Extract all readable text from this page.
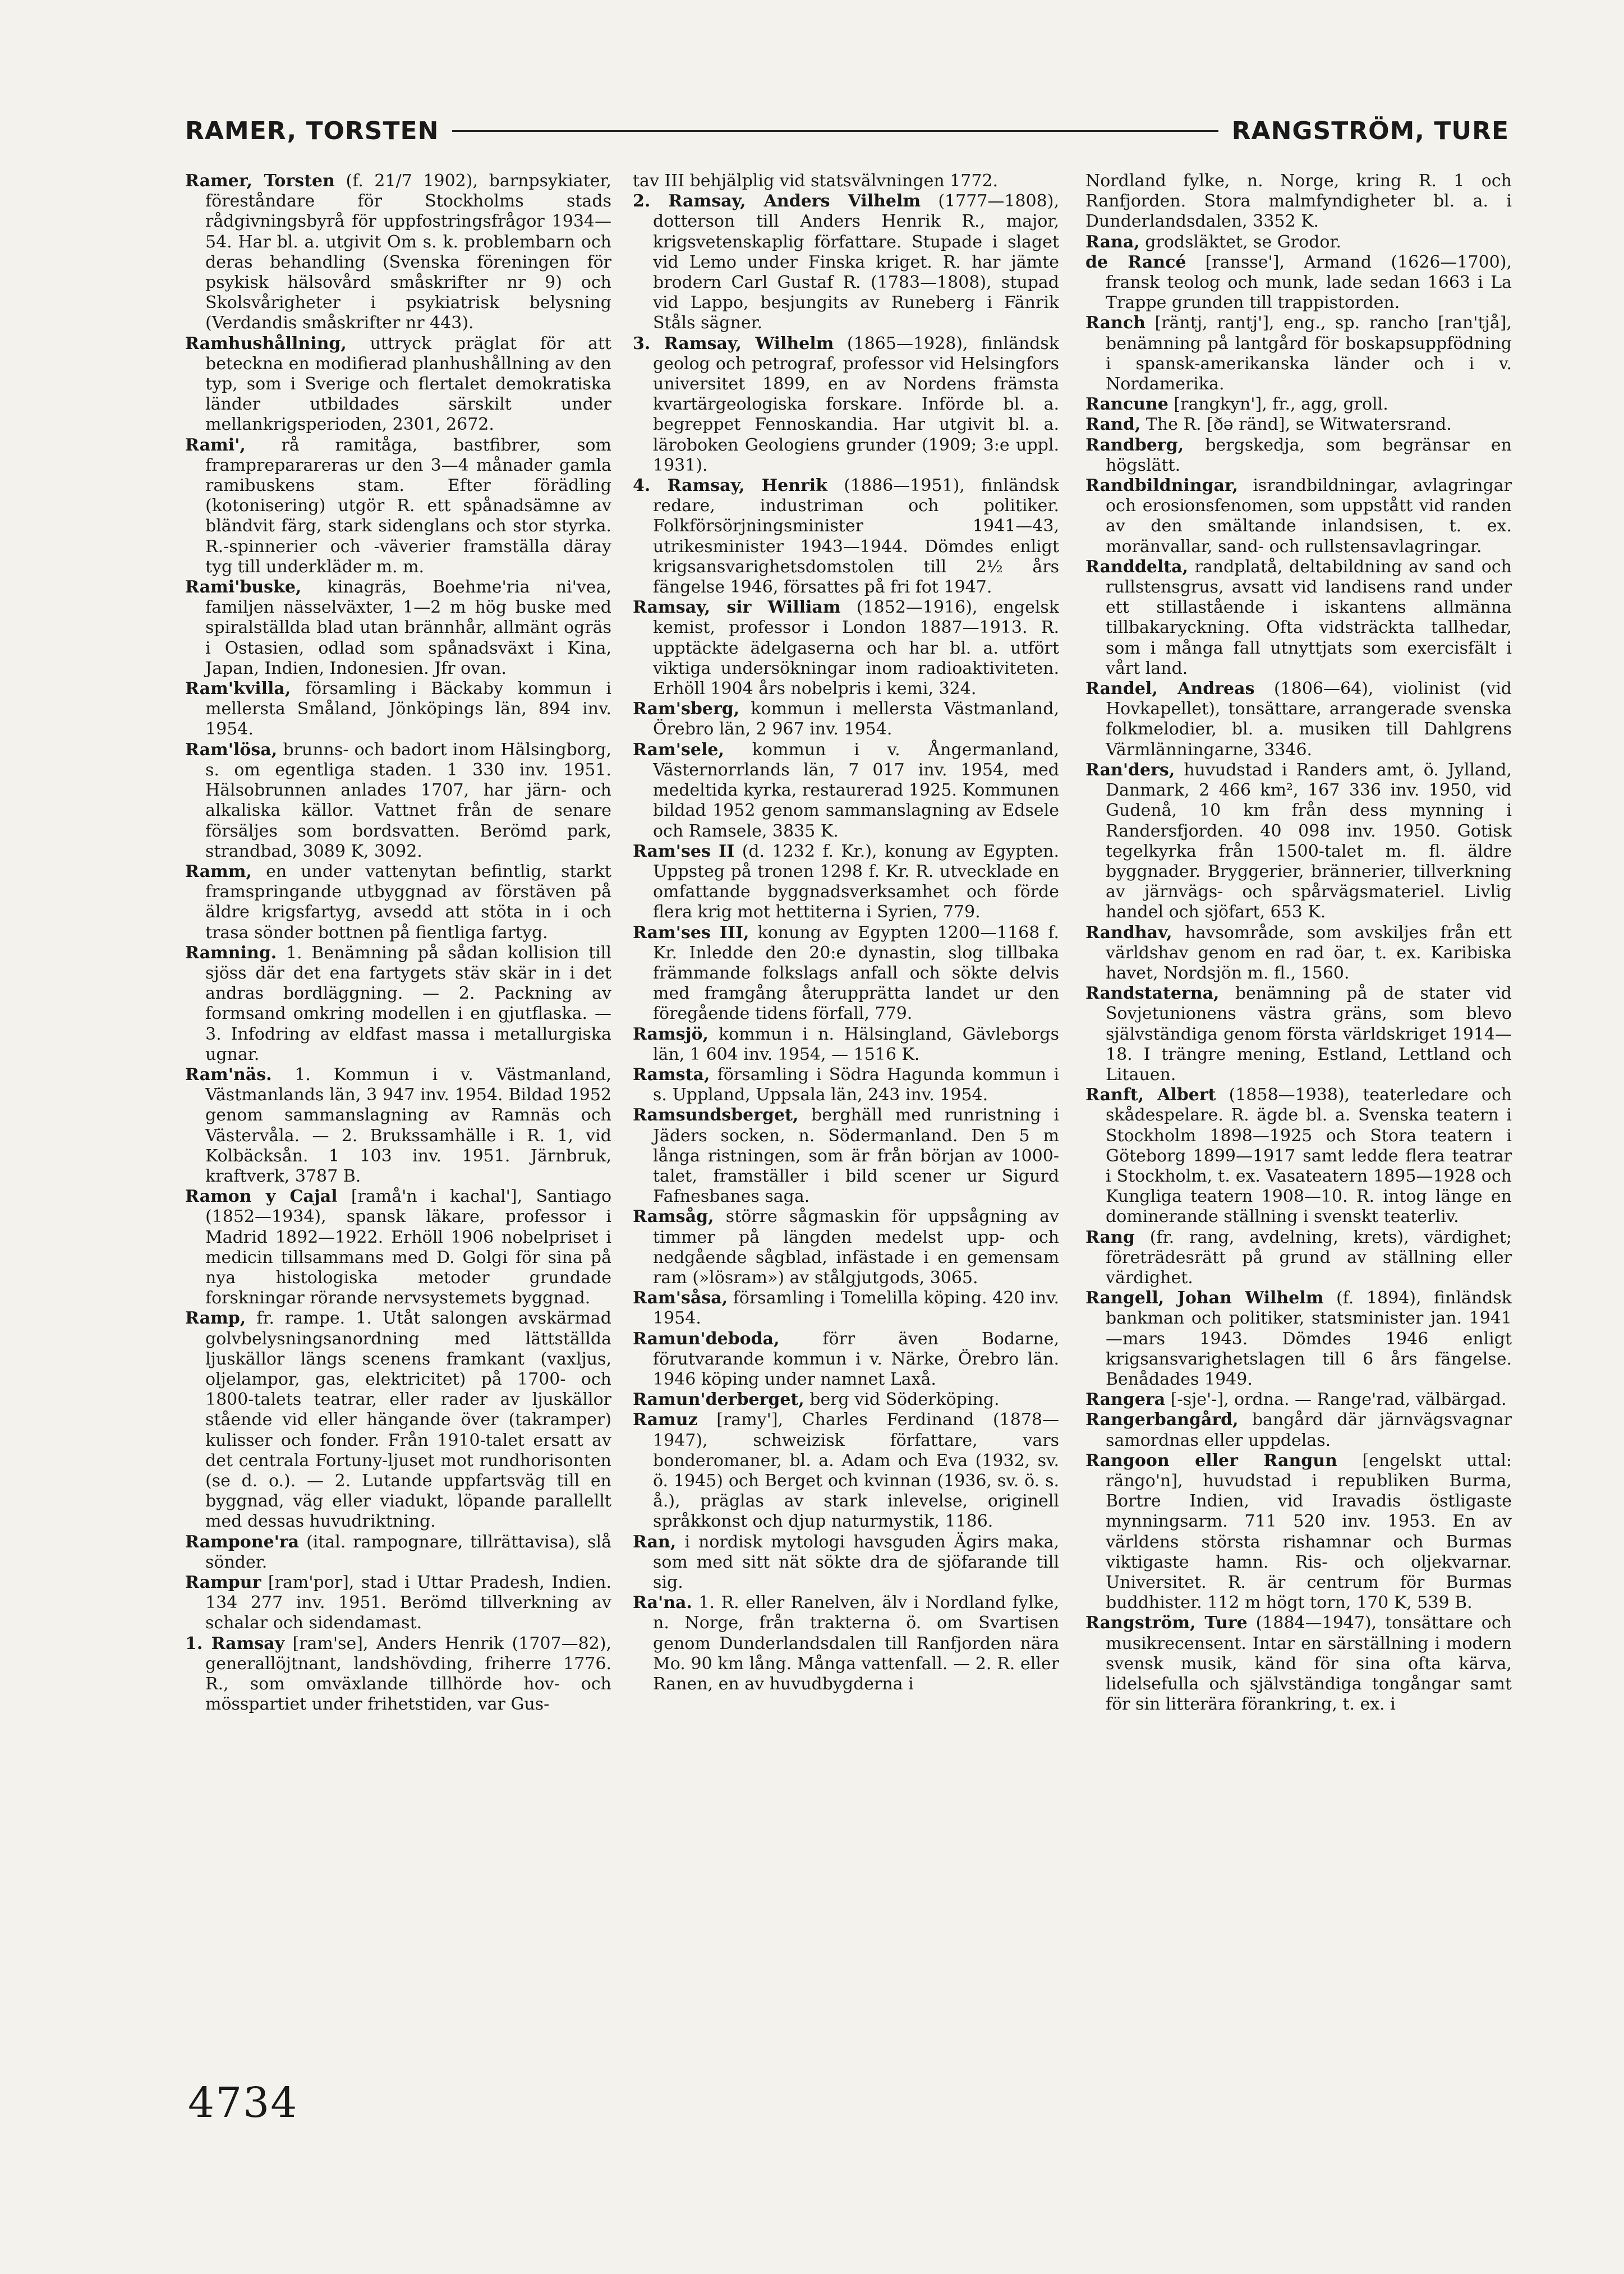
RAMER, TORSTEN	RANGSTRÖM, TURE

Ramer, Torsten (f. 21/7 1902), barnpsykiater, föreståndare för Stockholms stads rådgivningsbyrå för uppfostringsfrågor 1934—54. Har bl. a. utgivit Om s. k. problembarn och deras behandling (Svenska föreningen för psykisk hälsovård småskrifter nr 9) och Skolsvårigheter i psykiatrisk belysning (Verdandis småskrifter nr 443).

Ramhushållning, uttryck präglat för att beteckna en modifierad planhushållning av den typ, som i Sverige och flertalet demokratiska länder utbildades särskilt under mellankrigsperioden, 2301, 2672.

Rami', rå ramitåga, bastfibrer, som frampreparareras ur den 3—4 månader gamla ramibuskens stam. Efter förädling (kotonisering) utgör R. ett spånadsämne av bländvit färg, stark sidenglans och stor styrka. R.-spinnerier och -väverier framställa däray tyg till underkläder m. m.

Rami'buske, kinagräs, Boehme'ria ni'vea, familjen nässelväxter, 1—2 m hög buske med spiralställda blad utan brännhår, allmänt ogräs i Ostasien, odlad som spånadsväxt i Kina, Japan, Indien, Indonesien. Jfr ovan.

Ram'kvilla, församling i Bäckaby kommun i mellersta Småland, Jönköpings län, 894 inv. 1954.

Ram'lösa, brunns- och badort inom Hälsingborg, s. om egentliga staden. 1 330 inv. 1951. Hälsobrunnen anlades 1707, har järn- och alkaliska källor. Vattnet från de senare försäljes som bordsvatten. Berömd park, strandbad, 3089 K, 3092.

Ramm, en under vattenytan befintlig, starkt framspringande utbyggnad av förstäven på äldre krigsfartyg, avsedd att stöta in i och trasa sönder bottnen på fientliga fartyg.

Ramning. 1. Benämning på sådan kollision till sjöss där det ena fartygets stäv skär in i det andras bordläggning. — 2. Packning av formsand omkring modellen i en gjutflaska. — 3. Infodring av eldfast massa i metallurgiska ugnar.

Ram'näs. 1. Kommun i v. Västmanland, Västmanlands län, 3 947 inv. 1954. Bildad 1952 genom sammanslagning av Ramnäs och Västervåla. — 2. Brukssamhälle i R. 1, vid Kolbäcksån. 1 103 inv. 1951. Järnbruk, kraftverk, 3787 B.

Ramon y Cajal [ramå'n i kachal'], Santiago (1852—1934), spansk läkare, professor i Madrid 1892—1922. Erhöll 1906 nobelpriset i medicin tillsammans med D. Golgi för sina på nya histologiska metoder grundade forskningar rörande nervsystemets byggnad.

Ramp, fr. rampe. 1. Utåt salongen avskärmad golvbelysningsanordning med lättställda ljuskällor längs scenens framkant (vaxljus, oljelampor, gas, elektricitet) på 1700- och 1800-talets teatrar, eller rader av ljuskällor stående vid eller hängande över (takramper) kulisser och fonder. Från 1910-talet ersatt av det centrala Fortuny-ljuset mot rundhorisonten (se d. o.). — 2. Lutande uppfartsväg till en byggnad, väg eller viadukt, löpande parallellt med dessas huvudriktning.

Rampone'ra (ital. rampognare, tillrättavisa), slå sönder.

Rampur [ram'por], stad i Uttar Pradesh, Indien. 134 277 inv. 1951. Berömd tillverkning av schalar och sidendamast.

1. Ramsay [ram'se], Anders Henrik (1707—82), generallöjtnant, landshövding, friherre 1776. R., som omväxlande tillhörde hov- och mösspartiet under frihetstiden, var Gus-

tav III behjälplig vid statsvälvningen 1772.

2. Ramsay, Anders Vilhelm (1777—1808), dotterson till Anders Henrik R., major, krigsvetenskaplig författare. Stupade i slaget vid Lemo under Finska kriget. R. har jämte brodern Carl Gustaf R. (1783—1808), stupad vid Lappo, besjungits av Runeberg i Fänrik Ståls sägner.

3. Ramsay, Wilhelm (1865—1928), finländsk geolog och petrograf, professor vid Helsingfors universitet 1899, en av Nordens främsta kvartärgeologiska forskare. Införde bl. a. begreppet Fennoskandia. Har utgivit bl. a. läroboken Geologiens grunder (1909; 3:e uppl. 1931).

4. Ramsay, Henrik (1886—1951), finländsk redare, industriman och politiker. Folkförsörjningsminister 1941—43, utrikesminister 1943—1944. Dömdes enligt krigsansvarighetsdomstolen till 2½ års fängelse 1946, försattes på fri fot 1947.

Ramsay, sir William (1852—1916), engelsk kemist, professor i London 1887—1913. R. upptäckte ädelgaserna och har bl. a. utfört viktiga undersökningar inom radioaktiviteten. Erhöll 1904 års nobelpris i kemi, 324.

Ram'sberg, kommun i mellersta Västmanland, Örebro län, 2 967 inv. 1954.

Ram'sele, kommun i v. Ångermanland, Västernorrlands län, 7 017 inv. 1954, med medeltida kyrka, restaurerad 1925. Kommunen bildad 1952 genom sammanslagning av Edsele och Ramsele, 3835 K.

Ram'ses II (d. 1232 f. Kr.), konung av Egypten. Uppsteg på tronen 1298 f. Kr. R. utvecklade en omfattande byggnadsverksamhet och förde flera krig mot hettiterna i Syrien, 779.

Ram'ses III, konung av Egypten 1200—1168 f. Kr. Inledde den 20:e dynastin, slog tillbaka främmande folkslags anfall och sökte delvis med framgång återupprätta landet ur den föregående tidens förfall, 779.

Ramsjö, kommun i n. Hälsingland, Gävleborgs län, 1 604 inv. 1954, — 1516 K.

Ramsta, församling i Södra Hagunda kommun i s. Uppland, Uppsala län, 243 inv. 1954.

Ramsundsberget, berghäll med runristning i Jäders socken, n. Södermanland. Den 5 m långa ristningen, som är från början av 1000-talet, framställer i bild scener ur Sigurd Fafnesbanes saga.

Ramsåg, större sågmaskin för uppsågning av timmer på längden medelst upp- och nedgående sågblad, infästade i en gemensam ram (»lösram») av stålgjutgods, 3065.

Ram'såsa, församling i Tomelilla köping. 420 inv. 1954.

Ramun'deboda, förr även Bodarne, förutvarande kommun i v. Närke, Örebro län. 1946 köping under namnet Laxå.

Ramun'derberget, berg vid Söderköping.

Ramuz [ramy'], Charles Ferdinand (1878—1947), schweizisk författare, vars bonderomaner, bl. a. Adam och Eva (1932, sv. ö. 1945) och Berget och kvinnan (1936, sv. ö. s. å.), präglas av stark inlevelse, originell språkkonst och djup naturmystik, 1186.

Ran, i nordisk mytologi havsguden Ägirs maka, som med sitt nät sökte dra de sjöfarande till sig.

Ra'na. 1. R. eller Ranelven, älv i Nordland fylke, n. Norge, från trakterna ö. om Svartisen genom Dunderlandsdalen till Ranfjorden nära Mo. 90 km lång. Många vattenfall. — 2. R. eller Ranen, en av huvudbygderna i

Nordland fylke, n. Norge, kring R. 1 och Ranfjorden. Stora malmfyndigheter bl. a. i Dunderlandsdalen, 3352 K.

Rana, grodsläktet, se Grodor.

de Rancé [ransse'], Armand (1626—1700), fransk teolog och munk, lade sedan 1663 i La Trappe grunden till trappistorden.

Ranch [räntj, rantj'], eng., sp. rancho [ran'tjå], benämning på lantgård för boskapsuppfödning i spansk-amerikanska länder och i v. Nordamerika.

Rancune [rangkyn'], fr., agg, groll.

Rand, The R. [ðə ränd], se Witwatersrand.

Randberg, bergskedja, som begränsar en högslätt.

Randbildningar, israndbildningar, avlagringar och erosionsfenomen, som uppstått vid randen av den smältande inlandsisen, t. ex. moränvallar, sand- och rullstensavlagringar.

Randdelta, randplatå, deltabildning av sand och rullstensgrus, avsatt vid landisens rand under ett stillaståendе i iskantens allmänna tillbakaryckning. Ofta vidsträckta tallhedar, som i många fall utnyttjats som exercisfält i vårt land.

Randel, Andreas (1806—64), violinist (vid Hovkapellet), tonsättare, arrangerade svenska folkmelodier, bl. a. musiken till Dahlgrens Värmlänningarne, 3346.

Ran'ders, huvudstad i Randers amt, ö. Jylland, Danmark, 2 466 km², 167 336 inv. 1950, vid Gudenå, 10 km från dess mynning i Randersfjorden. 40 098 inv. 1950. Gotisk tegelkyrka från 1500-talet m. fl. äldre byggnader. Bryggerier, brännerier, tillverkning av järnvägs- och spårvägsmateriel. Livlig handel och sjöfart, 653 K.

Randhav, havsområde, som avskiljes från ett världshav genom en rad öar, t. ex. Karibiska havet, Nordsjön m. fl., 1560.

Randstaterna, benämning på de stater vid Sovjetunionens västra gräns, som blevo självständiga genom första världskriget 1914—18. I trängre mening, Estland, Lettland och Litauen.

Ranft, Albert (1858—1938), teaterledare och skådespelare. R. ägde bl. a. Svenska teatern i Stockholm 1898—1925 och Stora teatern i Göteborg 1899—1917 samt ledde flera teatrar i Stockholm, t. ex. Vasateatern 1895—1928 och Kungliga teatern 1908—10. R. intog länge en dominerande ställning i svenskt teaterliv.

Rang (fr. rang, avdelning, krets), värdighet; företrädesrätt på grund av ställning eller värdighet.

Rangell, Johan Wilhelm (f. 1894), finländsk bankman och politiker, statsminister jan. 1941—mars 1943. Dömdes 1946 enligt krigsansvarighetslagen till 6 års fängelse. Benådades 1949.

Rangera [-sje'-], ordna. — Range'rad, välbärgad.

Rangerbangård, bangård där järnvägsvagnar samordnas eller uppdelas.

Rangoon eller Rangun [engelskt uttal: rängo'n], huvudstad i republiken Burma, Bortre Indien, vid Iravadis östligaste mynningsarm. 711 520 inv. 1953. En av världens största rishamnar och Burmas viktigaste hamn. Ris- och oljekvarnar. Universitet. R. är centrum för Burmas buddhister. 112 m högt torn, 170 K, 539 B.

Rangström, Ture (1884—1947), tonsättare och musikrecensent. Intar en särställning i modern svensk musik, känd för sina ofta kärva, lidelsefulla och självständiga tongångar samt för sin litterära förankring, t. ex. i

4734
